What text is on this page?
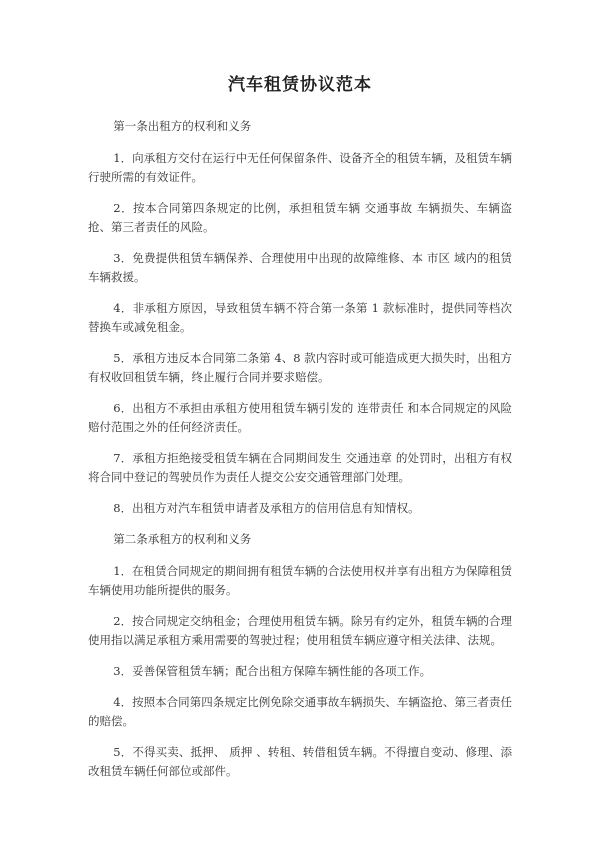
汽车租赁协议范本

第一条出租方的权利和义务

1．向承租方交付在运行中无任何保留条件、设备齐全的租赁车辆，及租赁车辆行驶所需的有效证件。

2．按本合同第四条规定的比例，承担租赁车辆 交通事故 车辆损失、车辆盗抢、第三者责任的风险。

3．免费提供租赁车辆保养、合理使用中出现的故障维修、本 市区 域内的租赁车辆救援。

4．非承租方原因，导致租赁车辆不符合第一条第 1 款标准时，提供同等档次替换车或减免租金。

5．承租方违反本合同第二条第 4、8 款内容时或可能造成更大损失时，出租方有权收回租赁车辆，终止履行合同并要求赔偿。

6．出租方不承担由承租方使用租赁车辆引发的 连带责任 和本合同规定的风险赔付范围之外的任何经济责任。

7．承租方拒绝接受租赁车辆在合同期间发生 交通违章 的处罚时，出租方有权将合同中登记的驾驶员作为责任人提交公安交通管理部门处理。

8．出租方对汽车租赁申请者及承租方的信用信息有知情权。

第二条承租方的权利和义务

1．在租赁合同规定的期间拥有租赁车辆的合法使用权并享有出租方为保障租赁车辆使用功能所提供的服务。

2．按合同规定交纳租金；合理使用租赁车辆。除另有约定外，租赁车辆的合理使用指以满足承租方乘用需要的驾驶过程；使用租赁车辆应遵守相关法律、法规。

3．妥善保管租赁车辆；配合出租方保障车辆性能的各项工作。

4．按照本合同第四条规定比例免除交通事故车辆损失、车辆盗抢、第三者责任的赔偿。

5．不得买卖、抵押、 质押 、转租、转借租赁车辆。不得擅自变动、修理、添改租赁车辆任何部位或部件。
